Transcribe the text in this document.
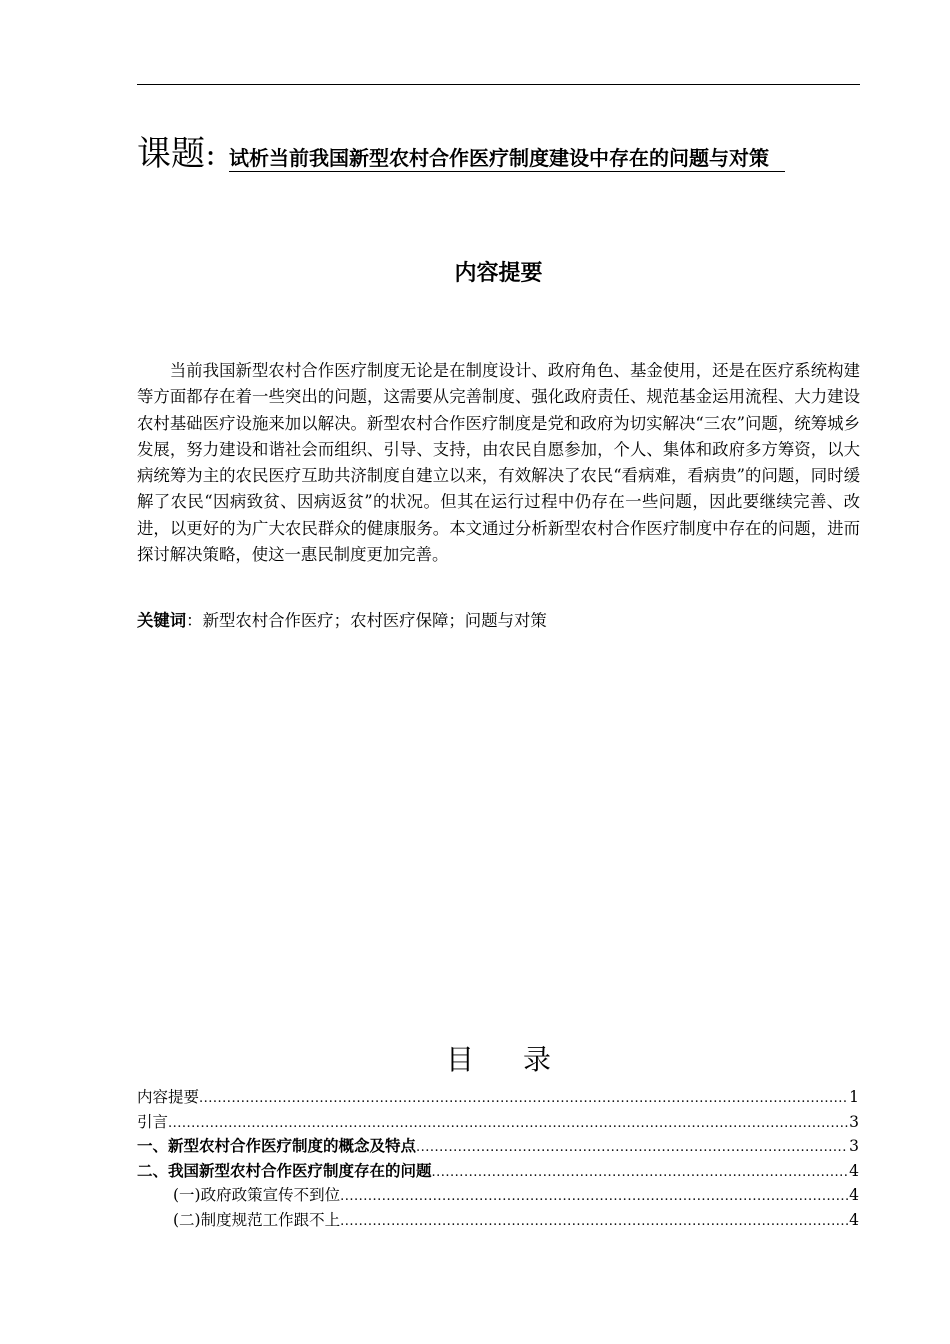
课题：试析当前我国新型农村合作医疗制度建设中存在的问题与对策
内容提要

当前我国新型农村合作医疗制度无论是在制度设计、政府角色、基金使用，还是在医疗系统构建等方面都存在着一些突出的问题，这需要从完善制度、强化政府责任、规范基金运用流程、大力建设农村基础医疗设施来加以解决。新型农村合作医疗制度是党和政府为切实解决“三农”问题，统筹城乡发展，努力建设和谐社会而组织、引导、支持，由农民自愿参加，个人、集体和政府多方筹资，以大病统筹为主的农民医疗互助共济制度自建立以来，有效解决了农民“看病难，看病贵”的问题，同时缓解了农民“因病致贫、因病返贫”的状况。但其在运行过程中仍存在一些问题，因此要继续完善、改进，以更好的为广大农民群众的健康服务。本文通过分析新型农村合作医疗制度中存在的问题，进而探讨解决策略，使这一惠民制度更加完善。

关键词：新型农村合作医疗；农村医疗保障；问题与对策
目 录
内容提要 .....	1
引言 .....	3
一、新型农村合作医疗制度的概念及特点 .....	3
二、我国新型农村合作医疗制度存在的问题 .....	4
(一)政府政策宣传不到位 .....	4
(二)制度规范工作跟不上 .....	4
